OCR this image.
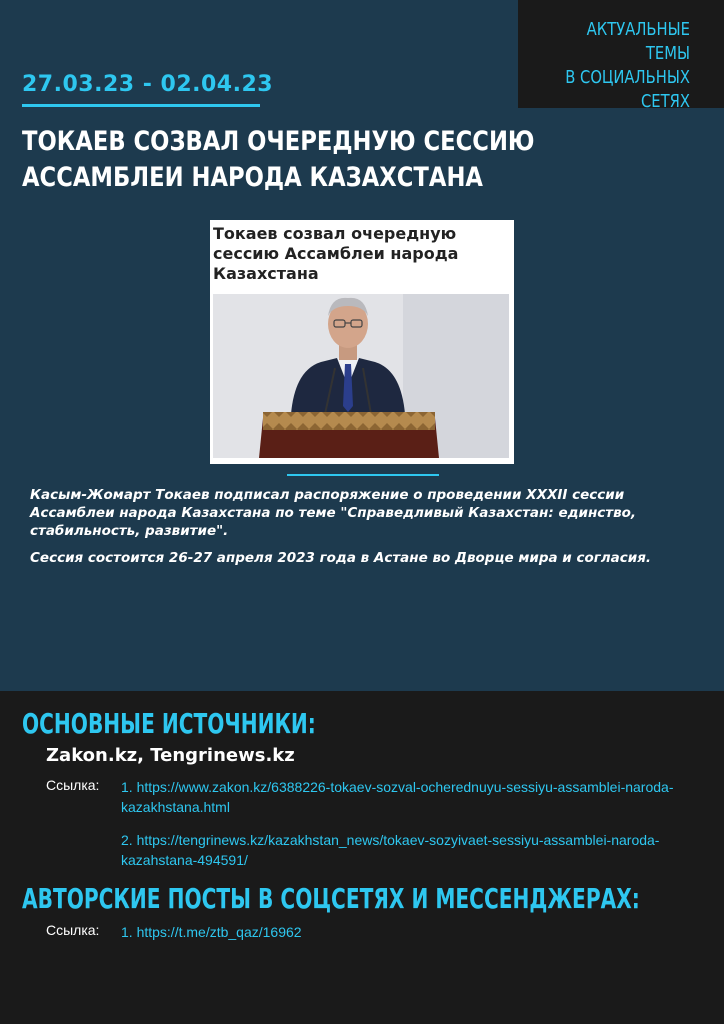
АКТУАЛЬНЫЕ ТЕМЫ
В СОЦИАЛЬНЫХ
СЕТЯХ
27.03.23 - 02.04.23
ТОКАЕВ СОЗВАЛ ОЧЕРЕДНУЮ СЕССИЮ АССАМБЛЕИ НАРОДА КАЗАХСТАНА
Токаев созвал очередную сессию Ассамблеи народа Казахстана
Касым-Жомарт Токаев подписал распоряжение о проведении XXXII сессии Ассамблеи народа Казахстана по теме "Справедливый Казахстан: единство, стабильность, развитие".
Сессия состоится 26-27 апреля 2023 года в Астане во Дворце мира и согласия.
ОСНОВНЫЕ ИСТОЧНИКИ:
Zakon.kz, Tengrinews.kz
Ссылка: 1. https://www.zakon.kz/6388226-tokaev-sozval-ocherednuyu-sessiyu-assamblei-naroda-kazakhstana.html
2. https://tengrinews.kz/kazakhstan_news/tokaev-sozyivaet-sessiyu-assamblei-naroda-kazahstana-494591/
АВТОРСКИЕ ПОСТЫ В СОЦСЕТЯХ И МЕССЕНДЖЕРАХ:
Ссылка: 1. https://t.me/ztb_qaz/16962
